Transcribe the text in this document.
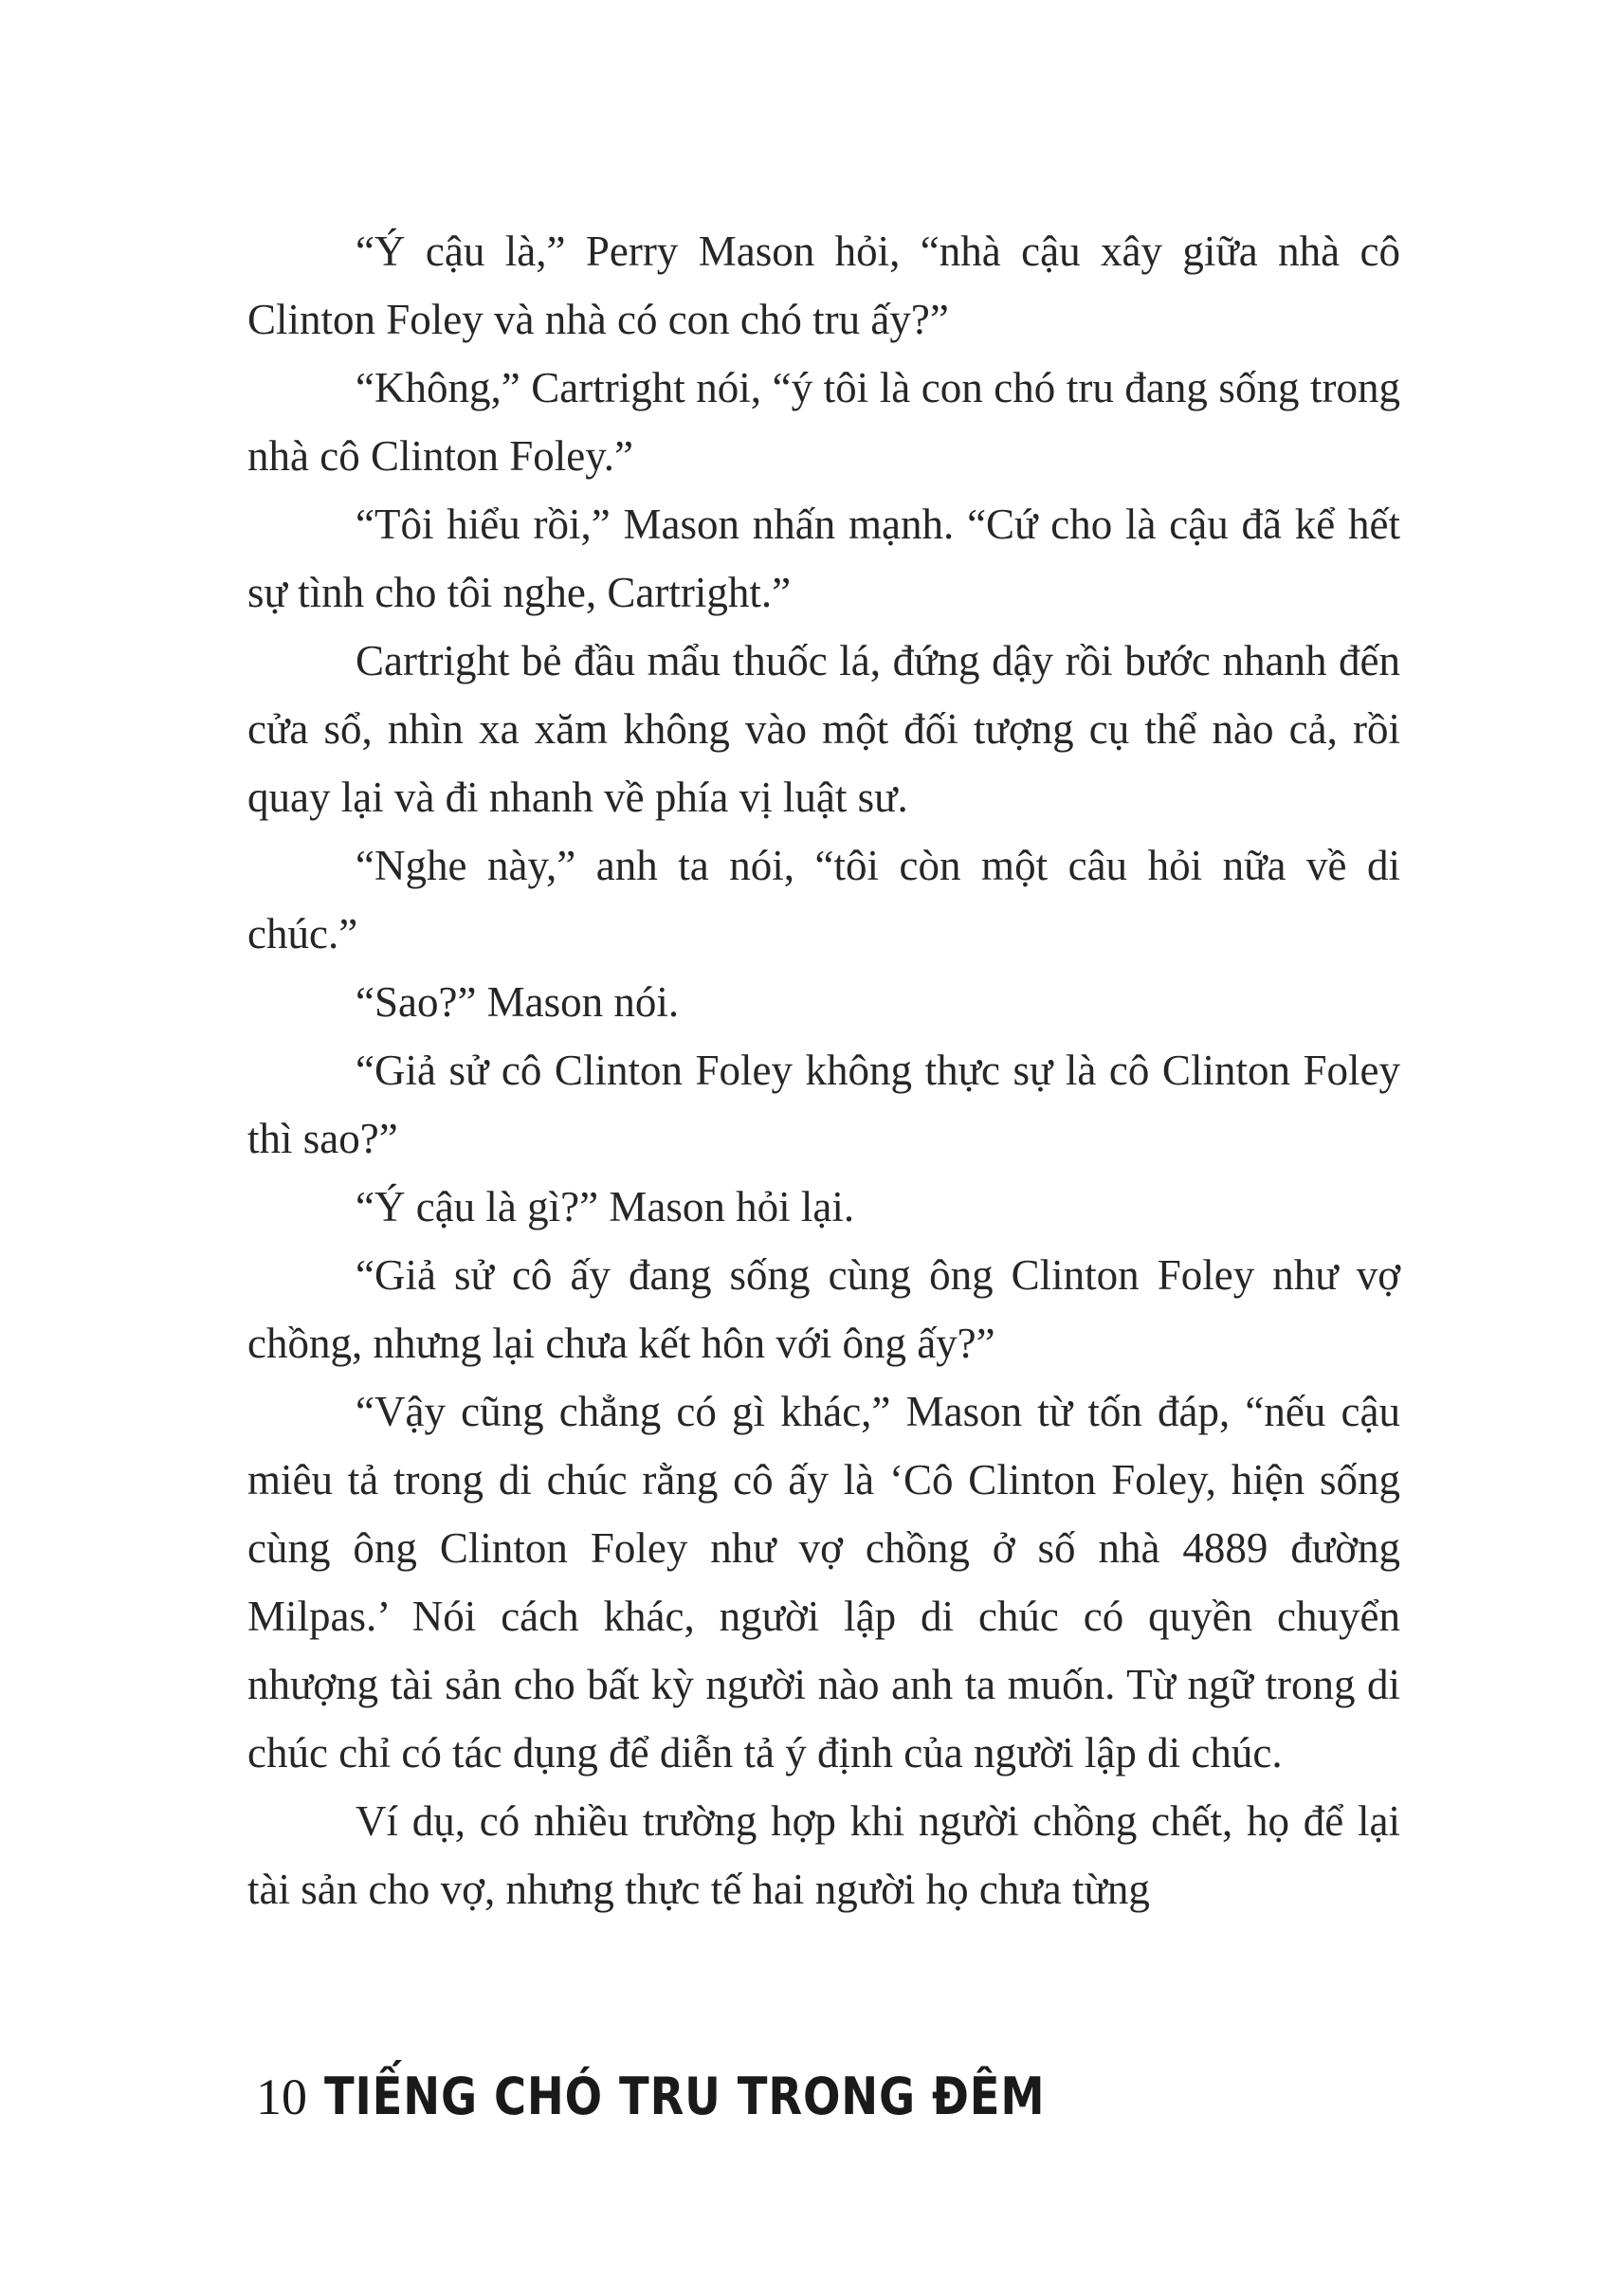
“Ý cậu là,” Perry Mason hỏi, “nhà cậu xây giữa nhà cô Clinton Foley và nhà có con chó tru ấy?”

“Không,” Cartright nói, “ý tôi là con chó tru đang sống trong nhà cô Clinton Foley.”

“Tôi hiểu rồi,” Mason nhấn mạnh. “Cứ cho là cậu đã kể hết sự tình cho tôi nghe, Cartright.”

Cartright bẻ đầu mẩu thuốc lá, đứng dậy rồi bước nhanh đến cửa sổ, nhìn xa xăm không vào một đối tượng cụ thể nào cả, rồi quay lại và đi nhanh về phía vị luật sư.

“Nghe này,” anh ta nói, “tôi còn một câu hỏi nữa về di chúc.”

“Sao?” Mason nói.

“Giả sử cô Clinton Foley không thực sự là cô Clinton Foley thì sao?”

“Ý cậu là gì?” Mason hỏi lại.

“Giả sử cô ấy đang sống cùng ông Clinton Foley như vợ chồng, nhưng lại chưa kết hôn với ông ấy?”

“Vậy cũng chẳng có gì khác,” Mason từ tốn đáp, “nếu cậu miêu tả trong di chúc rằng cô ấy là ‘Cô Clinton Foley, hiện sống cùng ông Clinton Foley như vợ chồng ở số nhà 4889 đường Milpas.’ Nói cách khác, người lập di chúc có quyền chuyển nhượng tài sản cho bất kỳ người nào anh ta muốn. Từ ngữ trong di chúc chỉ có tác dụng để diễn tả ý định của người lập di chúc.

Ví dụ, có nhiều trường hợp khi người chồng chết, họ để lại tài sản cho vợ, nhưng thực tế hai người họ chưa từng

10 TIẾNG CHÓ TRU TRONG ĐÊM
